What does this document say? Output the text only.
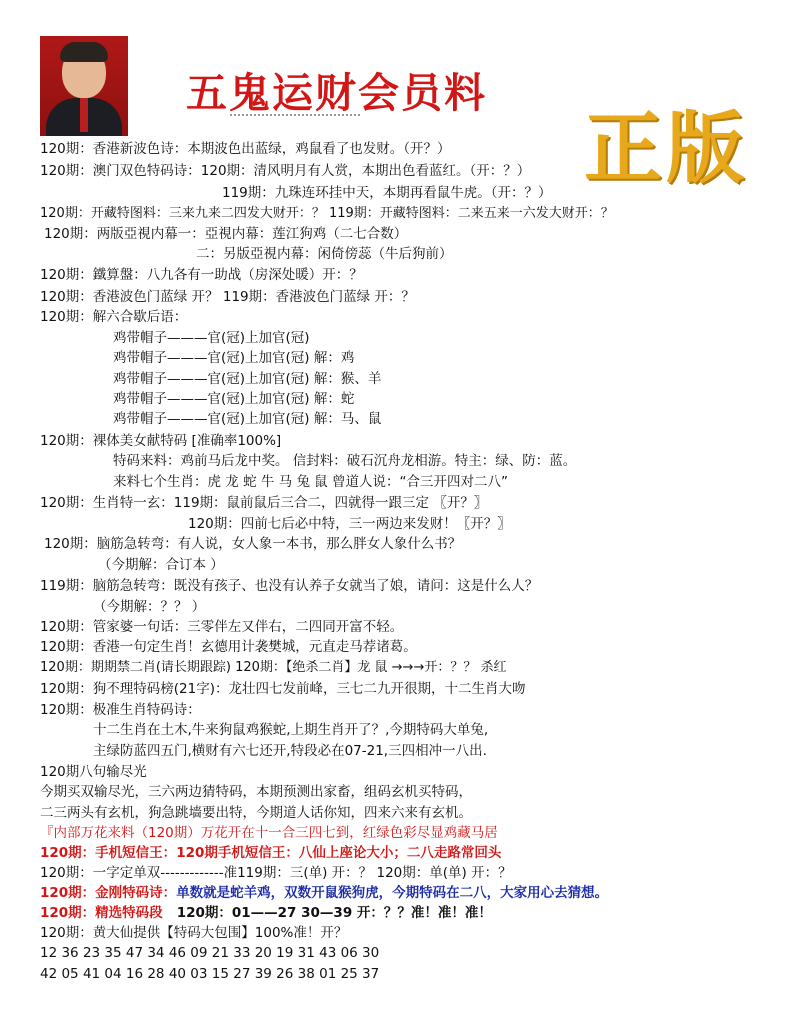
五鬼运财会员料
正版
120期：香港新波色诗：本期波色出蓝绿，鸡鼠看了也发财。（开？）
120期：澳门双色特码诗：120期：清风明月有人赏，本期出色看蓝红。（开：？）
119期：九珠连环挂中天，本期再看鼠牛虎。（开：？）
120期：开藏特图料：三来九来二四发大财开：？ 119期：开藏特图料：二来五来一六发大财开：？
120期：两版亞視内幕一：亞視内幕：莲江狗鸡（二七合数）
二：另版亞視内幕：闲倚傍蕊（牛后狗前）
120期：鐵算盤：八九各有一助战（房深处暖）开：？
120期：香港波色门蓝绿 开？ 119期：香港波色门蓝绿 开：？
120期：解六合歇后语：
鸡带帽子———官(冠)上加官(冠)
鸡带帽子———官(冠)上加官(冠) 解：鸡
鸡带帽子———官(冠)上加官(冠) 解：猴、羊
鸡带帽子———官(冠)上加官(冠) 解：蛇
鸡带帽子———官(冠)上加官(冠) 解：马、鼠
120期：裸体美女献特码 [准确率100%]
特码来料：鸡前马后龙中奖。 信封料：破石沉舟龙相游。特主：绿、防：蓝。
来料七个生肖：虎 龙 蛇 牛 马 兔 鼠 曾道人说：“合三开四对二八”
120期：生肖特一玄：119期：鼠前鼠后三合二，四就得一跟三定 〖开？〗
120期：四前七后必中特，三一两边来发财！〖开？〗
120期：脑筋急转弯：有人说，女人象一本书，那么胖女人象什么书？
（今期解：合订本 ）
119期：脑筋急转弯：既没有孩子、也没有认养子女就当了娘，请问：这是什么人？
（今期解：？？ ）
120期：管家婆一句话：三零伴左又伴右，二四同开富不轻。
120期：香港一句定生肖！玄德用计袭樊城，元直走马荐诸葛。
120期：期期禁二肖(请长期跟踪) 120期：【绝杀二肖】龙 鼠 →→→开：？？ 杀红
120期：狗不理特码榜(21字)：龙壮四七发前峰，三七二九开很期，十二生肖大吻
120期：极准生肖特码诗：
十二生肖在土木,牛来狗鼠鸡猴蛇,上期生肖开了？,今期特码大单兔,
主绿防蓝四五门,横财有六七还开,特段必在07-21,三四相冲一八出.
120期八句输尽光
今期买双输尽光，三六两边猜特码，本期预测出家畜，组码玄机买特码，
二三两头有玄机，狗急跳墙要出特，今期道人话你知，四来六来有玄机。
『内部万花来料（120期）万花开在十一合三四七到，红绿色彩尽显鸡藏马居
120期：手机短信王：120期手机短信王：八仙上座论大小；二八走路常回头
120期：一字定单双-------------准119期：三(单) 开：？ 120期：单(单) 开：？
120期：金刚特码诗：单数就是蛇羊鸡，双数开鼠猴狗虎，今期特码在二八，大家用心去猜想。
120期：精选特码段 120期：01——27 30—39 开：？？准！准！准！
120期：黄大仙提供【特码大包围】100%准！开？
12 36 23 35 47 34 46 09 21 33 20 19 31 43 06 30
42 05 41 04 16 28 40 03 15 27 39 26 38 01 25 37
